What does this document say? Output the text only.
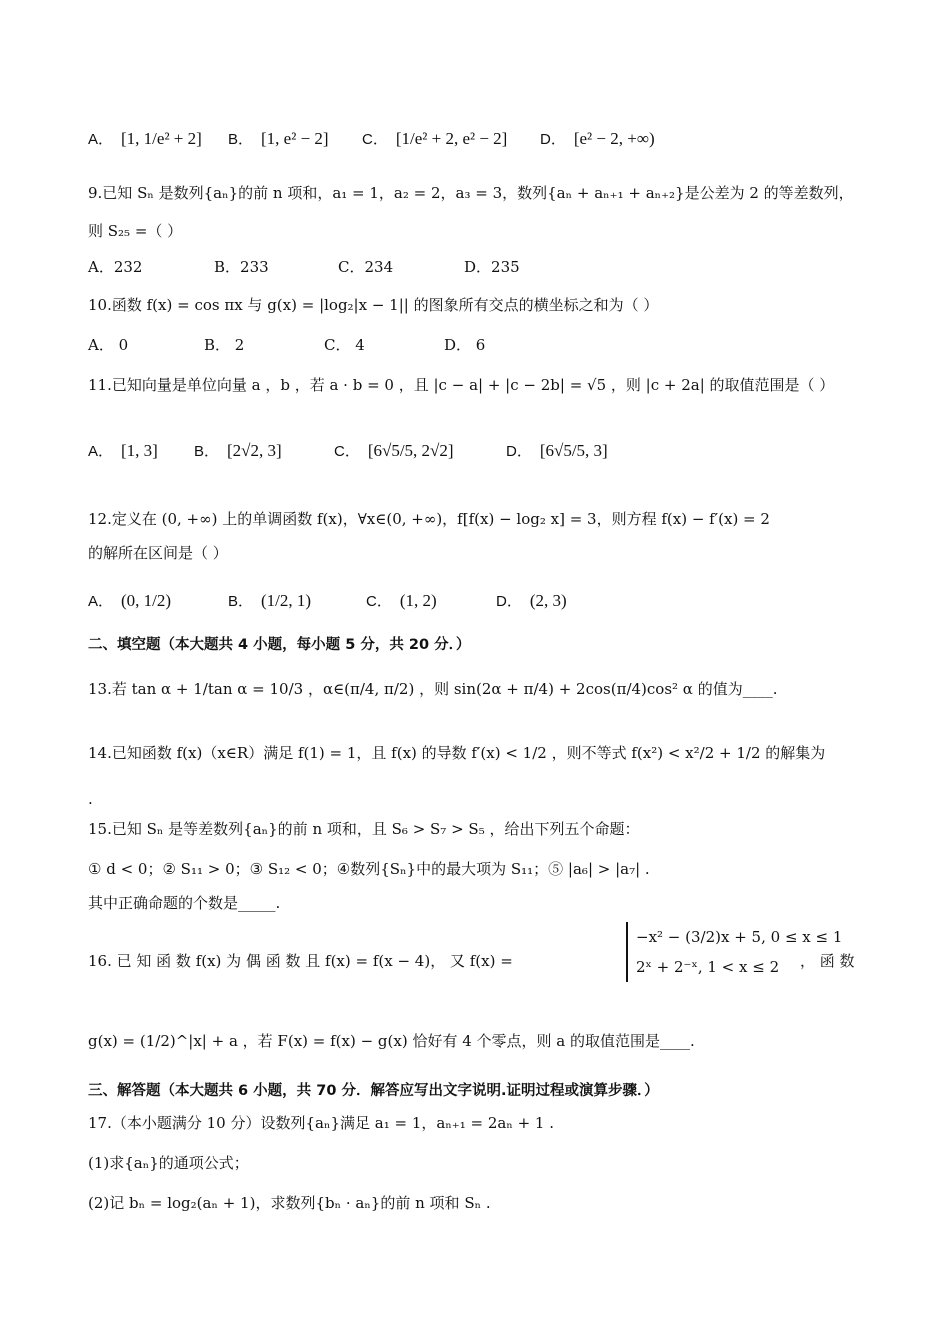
A． [1, 1/e² + 2] B． [1, e² − 2] C． [1/e² + 2, e² − 2] D． [e² − 2, +∞)
9.已知 Sₙ 是数列{aₙ}的前 n 项和，a₁ = 1，a₂ = 2，a₃ = 3，数列{aₙ + aₙ₊₁ + aₙ₊₂}是公差为 2 的等差数列，
则 S₂₅ =（ ）
A．232	B．233	C．234	D．235
10.函数 f(x) = cos πx 与 g(x) = |log₂|x − 1|| 的图象所有交点的横坐标之和为（ ）
A． 0	B． 2	C． 4	D． 6
11.已知向量是单位向量 a ，b ，若 a · b = 0 ，且 |c − a| + |c − 2b| = √5 ，则 |c + 2a| 的取值范围是（ ）
A． [1, 3] B． [2√2, 3]	C． [6√5/5, 2√2]	D． [6√5/5, 3]
12.定义在 (0, +∞) 上的单调函数 f(x)，∀x∈(0, +∞)，f[f(x) − log₂ x] = 3，则方程 f(x) − f′(x) = 2
的解所在区间是（ ）
A． (0, 1/2)	B． (1/2, 1)	C． (1, 2)	D． (2, 3)
二、填空题（本大题共 4 小题，每小题 5 分，共 20 分．）
13.若 tan α + 1/tan α = 10/3 ，α∈(π/4, π/2) ，则 sin(2α + π/4) + 2cos(π/4)cos² α 的值为____.
14.已知函数 f(x)（x∈R）满足 f(1) = 1，且 f(x) 的导数 f′(x) < 1/2 ，则不等式 f(x²) < x²/2 + 1/2 的解集为
.
15.已知 Sₙ 是等差数列{aₙ}的前 n 项和，且 S₆ > S₇ > S₅ ，给出下列五个命题：
① d < 0；② S₁₁ > 0；③ S₁₂ < 0；④数列{Sₙ}中的最大项为 S₁₁；⑤ |a₆| > |a₇| .
其中正确命题的个数是_____.
16. 已 知 函 数 f(x) 为 偶 函 数 且 f(x) = f(x − 4)， 又 f(x) =
−x² − (3/2)x + 5, 0 ≤ x ≤ 1
2ˣ + 2⁻ˣ, 1 < x ≤ 2	， 函 数
g(x) = (1/2)^|x| + a ，若 F(x) = f(x) − g(x) 恰好有 4 个零点，则 a 的取值范围是____.
三、解答题（本大题共 6 小题，共 70 分．解答应写出文字说明.证明过程或演算步骤．）
17.（本小题满分 10 分）设数列{aₙ}满足 a₁ = 1，aₙ₊₁ = 2aₙ + 1 .
(1)求{aₙ}的通项公式；
(2)记 bₙ = log₂(aₙ + 1)，求数列{bₙ · aₙ}的前 n 项和 Sₙ .
